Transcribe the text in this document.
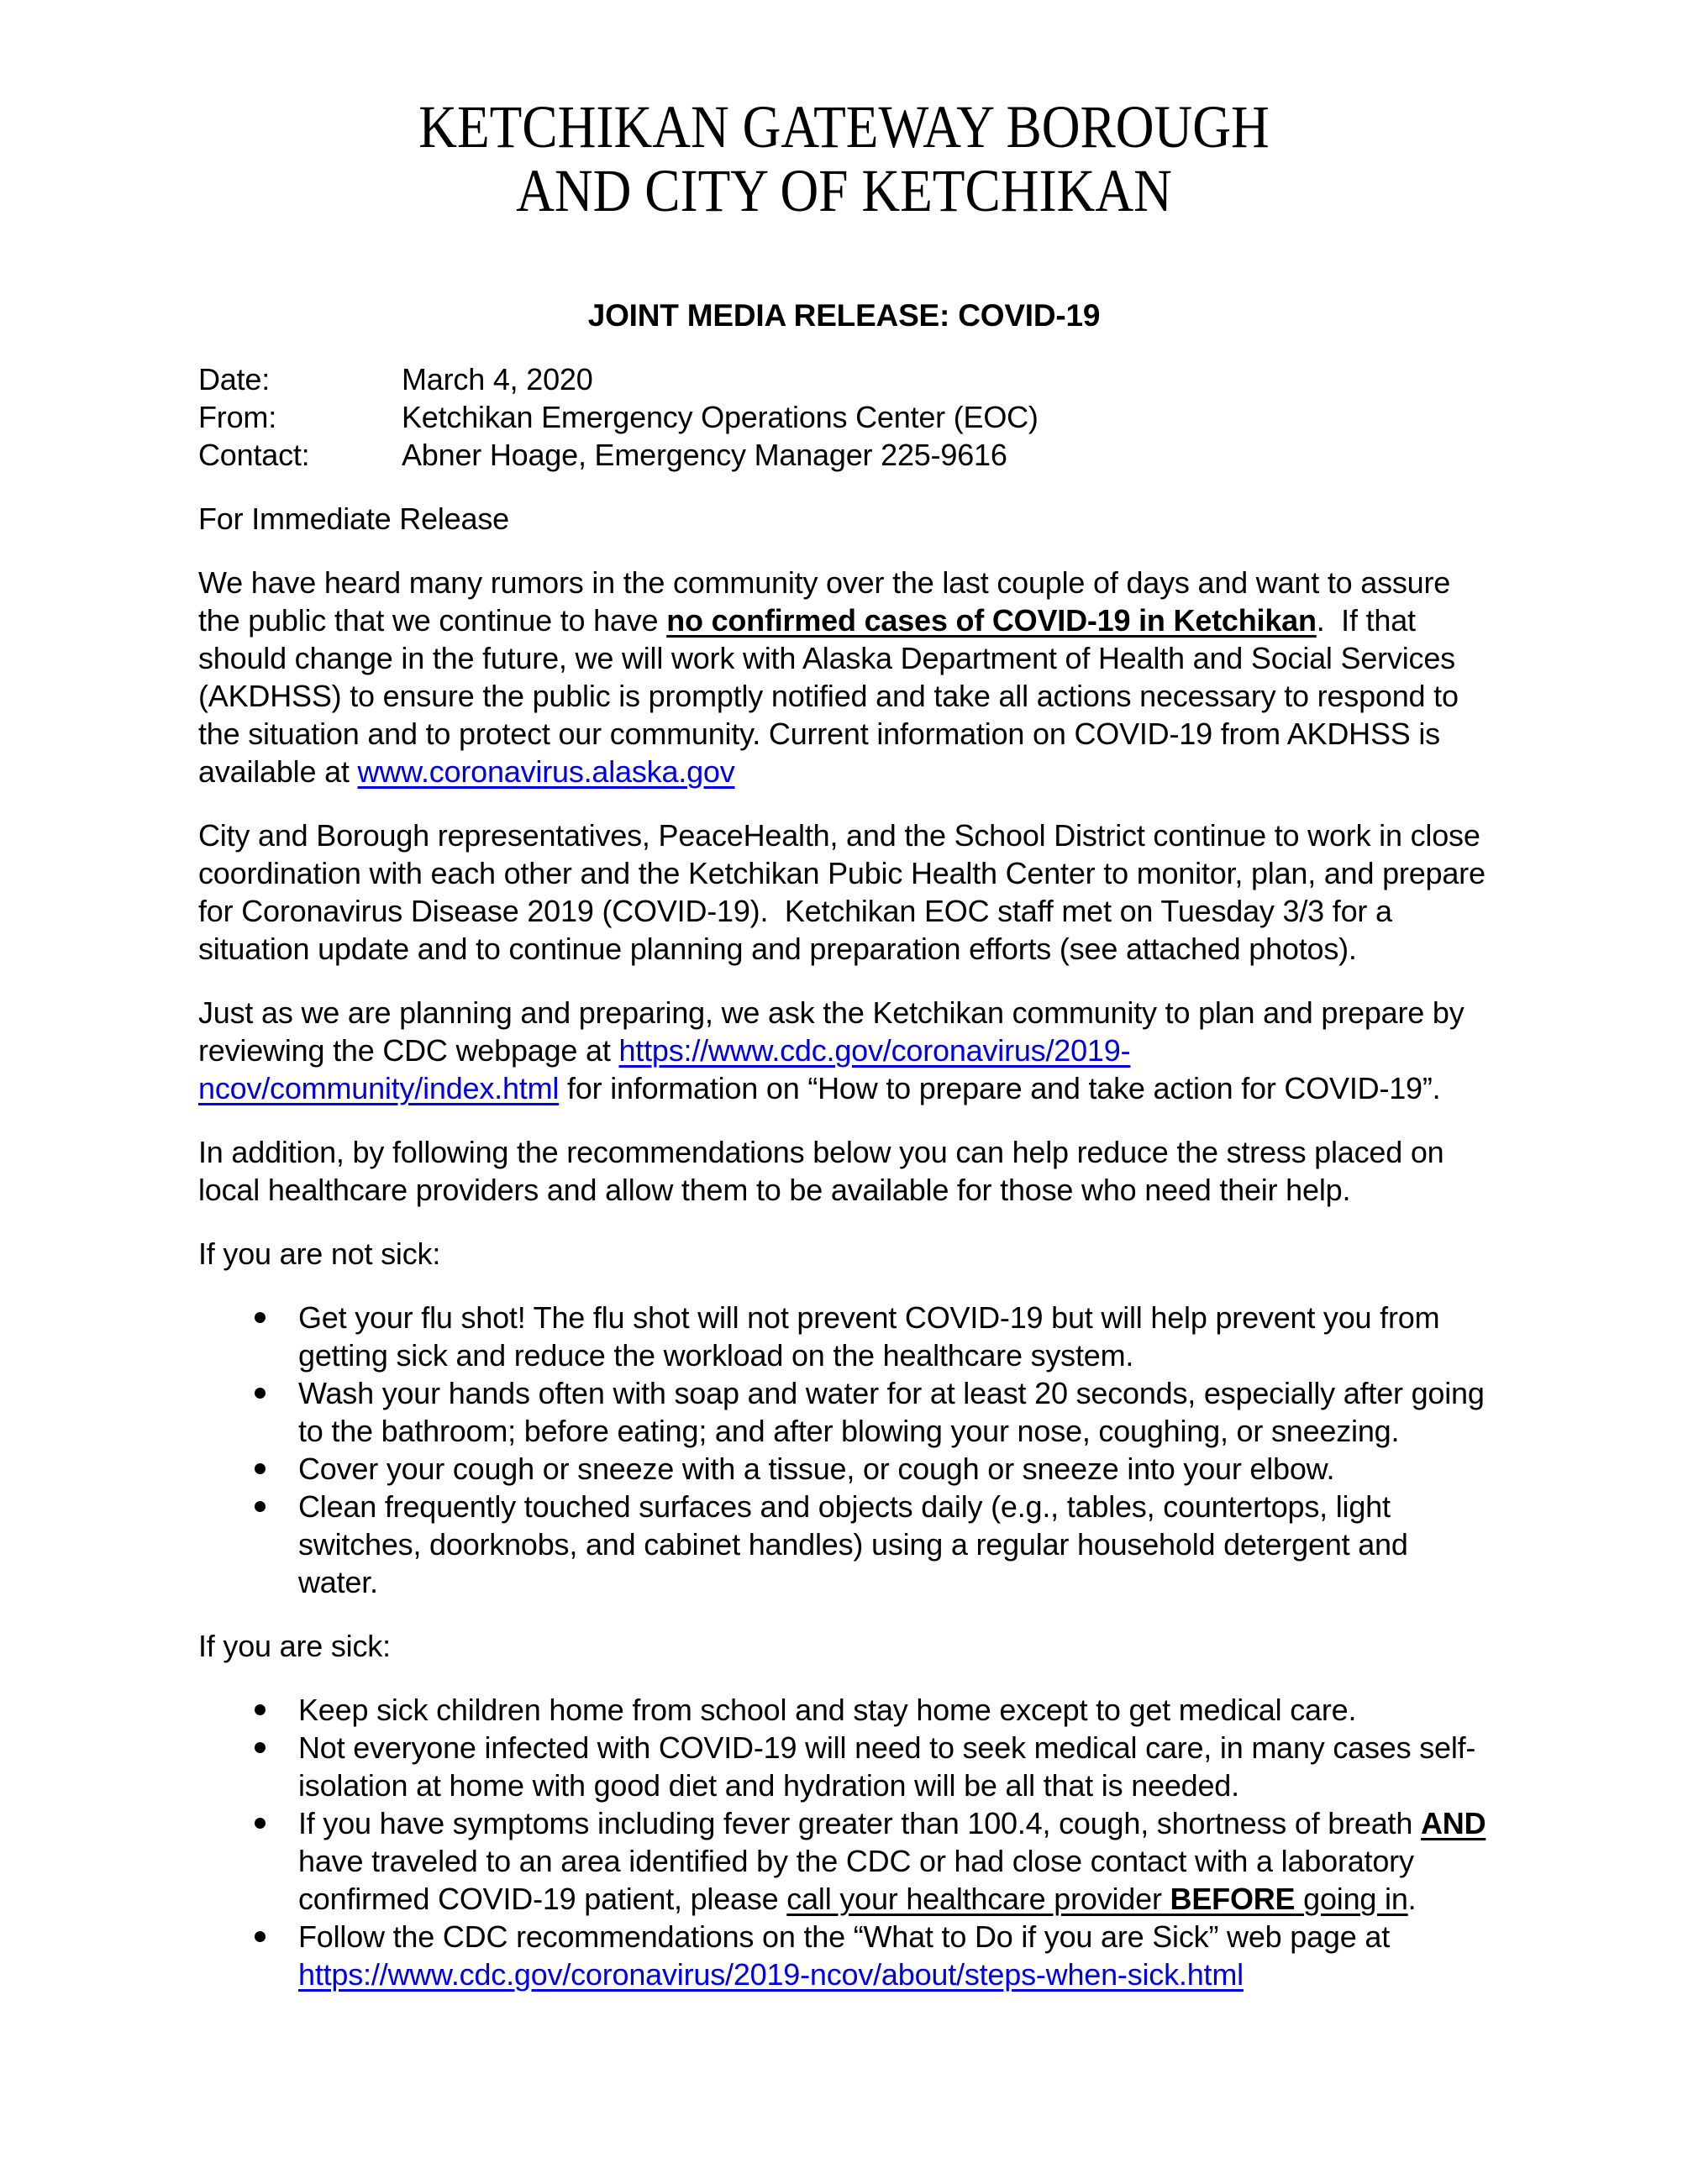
KETCHIKAN GATEWAY BOROUGH
AND CITY OF KETCHIKAN
JOINT MEDIA RELEASE: COVID-19
Date:	March 4, 2020
From:	Ketchikan Emergency Operations Center (EOC)
Contact:	Abner Hoage, Emergency Manager 225-9616
For Immediate Release
We have heard many rumors in the community over the last couple of days and want to assure the public that we continue to have no confirmed cases of COVID-19 in Ketchikan.  If that should change in the future, we will work with Alaska Department of Health and Social Services (AKDHSS) to ensure the public is promptly notified and take all actions necessary to respond to the situation and to protect our community. Current information on COVID-19 from AKDHSS is available at www.coronavirus.alaska.gov
City and Borough representatives, PeaceHealth, and the School District continue to work in close coordination with each other and the Ketchikan Pubic Health Center to monitor, plan, and prepare for Coronavirus Disease 2019 (COVID-19).  Ketchikan EOC staff met on Tuesday 3/3 for a situation update and to continue planning and preparation efforts (see attached photos).
Just as we are planning and preparing, we ask the Ketchikan community to plan and prepare by reviewing the CDC webpage at https://www.cdc.gov/coronavirus/2019-ncov/community/index.html for information on “How to prepare and take action for COVID-19”.
In addition, by following the recommendations below you can help reduce the stress placed on local healthcare providers and allow them to be available for those who need their help.
If you are not sick:
Get your flu shot! The flu shot will not prevent COVID-19 but will help prevent you from getting sick and reduce the workload on the healthcare system.
Wash your hands often with soap and water for at least 20 seconds, especially after going to the bathroom; before eating; and after blowing your nose, coughing, or sneezing.
Cover your cough or sneeze with a tissue, or cough or sneeze into your elbow.
Clean frequently touched surfaces and objects daily (e.g., tables, countertops, light switches, doorknobs, and cabinet handles) using a regular household detergent and water.
If you are sick:
Keep sick children home from school and stay home except to get medical care.
Not everyone infected with COVID-19 will need to seek medical care, in many cases self-isolation at home with good diet and hydration will be all that is needed.
If you have symptoms including fever greater than 100.4, cough, shortness of breath AND have traveled to an area identified by the CDC or had close contact with a laboratory confirmed COVID-19 patient, please call your healthcare provider BEFORE going in.
Follow the CDC recommendations on the “What to Do if you are Sick” web page at https://www.cdc.gov/coronavirus/2019-ncov/about/steps-when-sick.html
